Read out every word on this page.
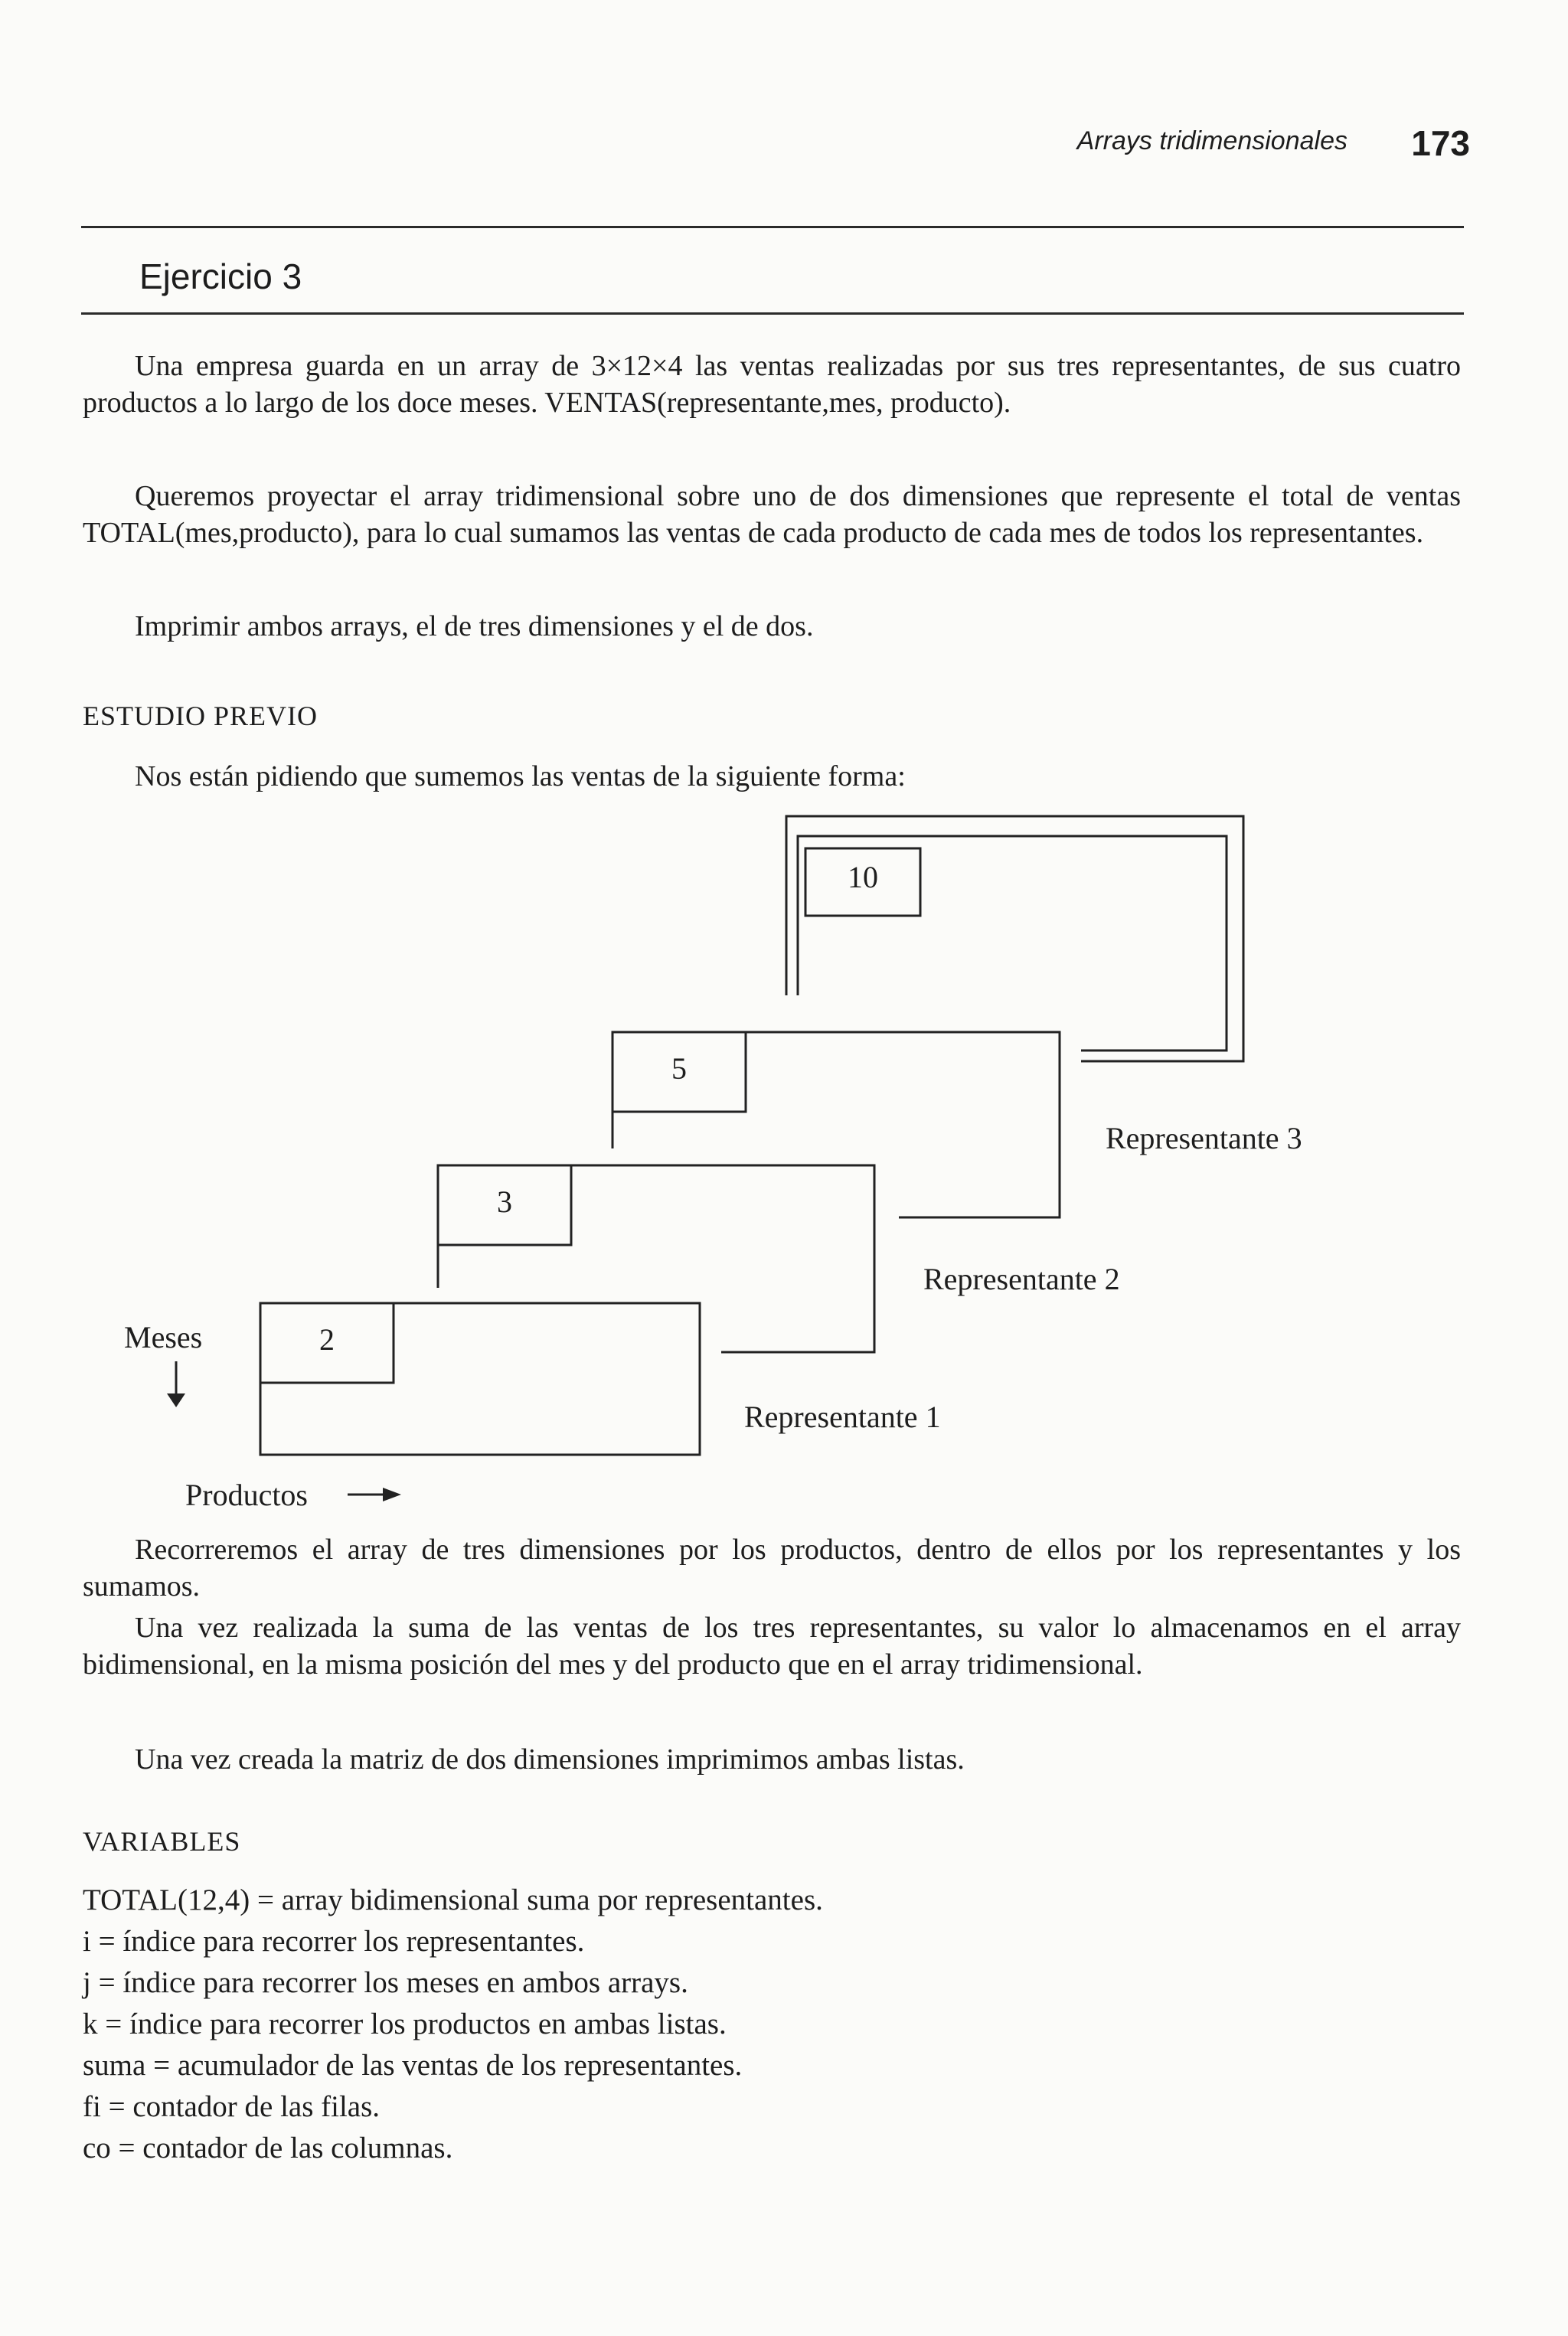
Arrays tridimensionales	173
Ejercicio 3

Una empresa guarda en un array de 3×12×4 las ventas realizadas por sus tres representantes, de sus cuatro productos a lo largo de los doce meses. VENTAS(representante,mes, producto).

Queremos proyectar el array tridimensional sobre uno de dos dimensiones que represente el total de ventas TOTAL(mes,producto), para lo cual sumamos las ventas de cada producto de cada mes de todos los representantes.

Imprimir ambos arrays, el de tres dimensiones y el de dos.

ESTUDIO PREVIO

Nos están pidiendo que sumemos las ventas de la siguiente forma:

10
5
3
2
Representante 3
Representante 2
Representante 1
Meses
Productos

Recorreremos el array de tres dimensiones por los productos, dentro de ellos por los representantes y los sumamos.

Una vez realizada la suma de las ventas de los tres representantes, su valor lo almacenamos en el array bidimensional, en la misma posición del mes y del producto que en el array tridimensional.

Una vez creada la matriz de dos dimensiones imprimimos ambas listas.

VARIABLES
TOTAL(12,4) = array bidimensional suma por representantes.
i = índice para recorrer los representantes.
j = índice para recorrer los meses en ambos arrays.
k = índice para recorrer los productos en ambas listas.
suma = acumulador de las ventas de los representantes.
fi = contador de las filas.
co = contador de las columnas.
